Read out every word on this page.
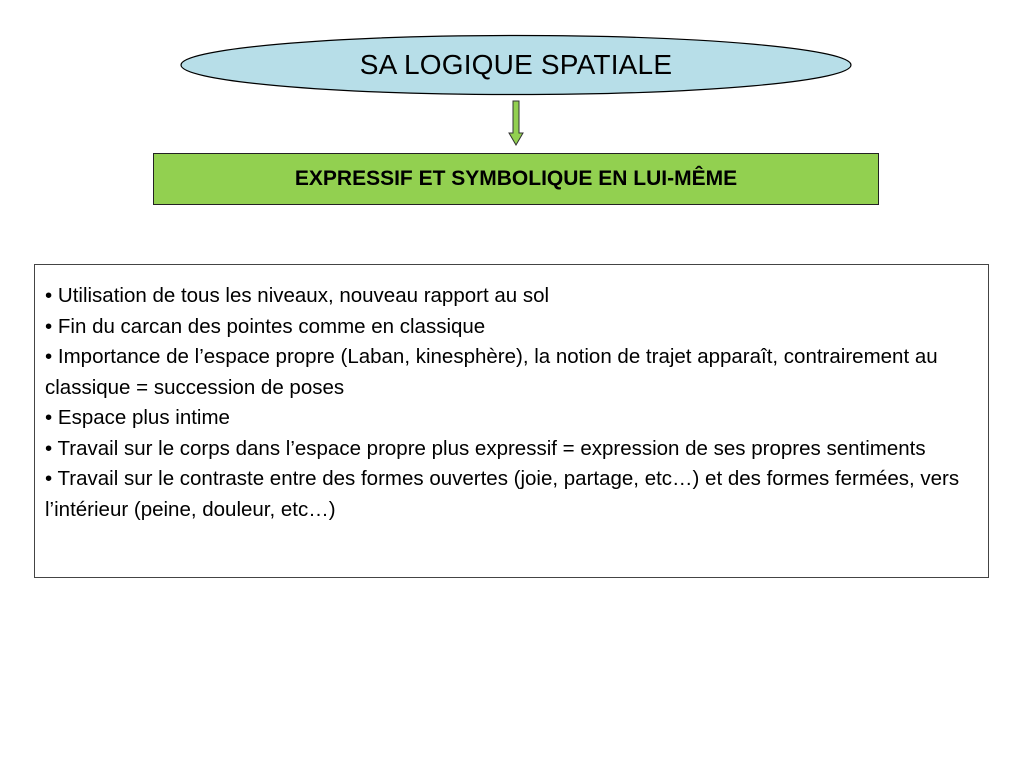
SA LOGIQUE SPATIALE
EXPRESSIF ET SYMBOLIQUE EN LUI-MÊME
• Utilisation de tous les niveaux, nouveau rapport au sol
• Fin du carcan des pointes comme en classique
• Importance de l’espace propre (Laban, kinesphère), la notion de trajet apparaît, contrairement au classique = succession de poses
• Espace plus intime
• Travail sur le corps dans l’espace propre plus expressif = expression de ses propres sentiments
• Travail sur le contraste entre des formes ouvertes (joie, partage, etc…) et des formes fermées, vers l’intérieur (peine, douleur, etc…)
